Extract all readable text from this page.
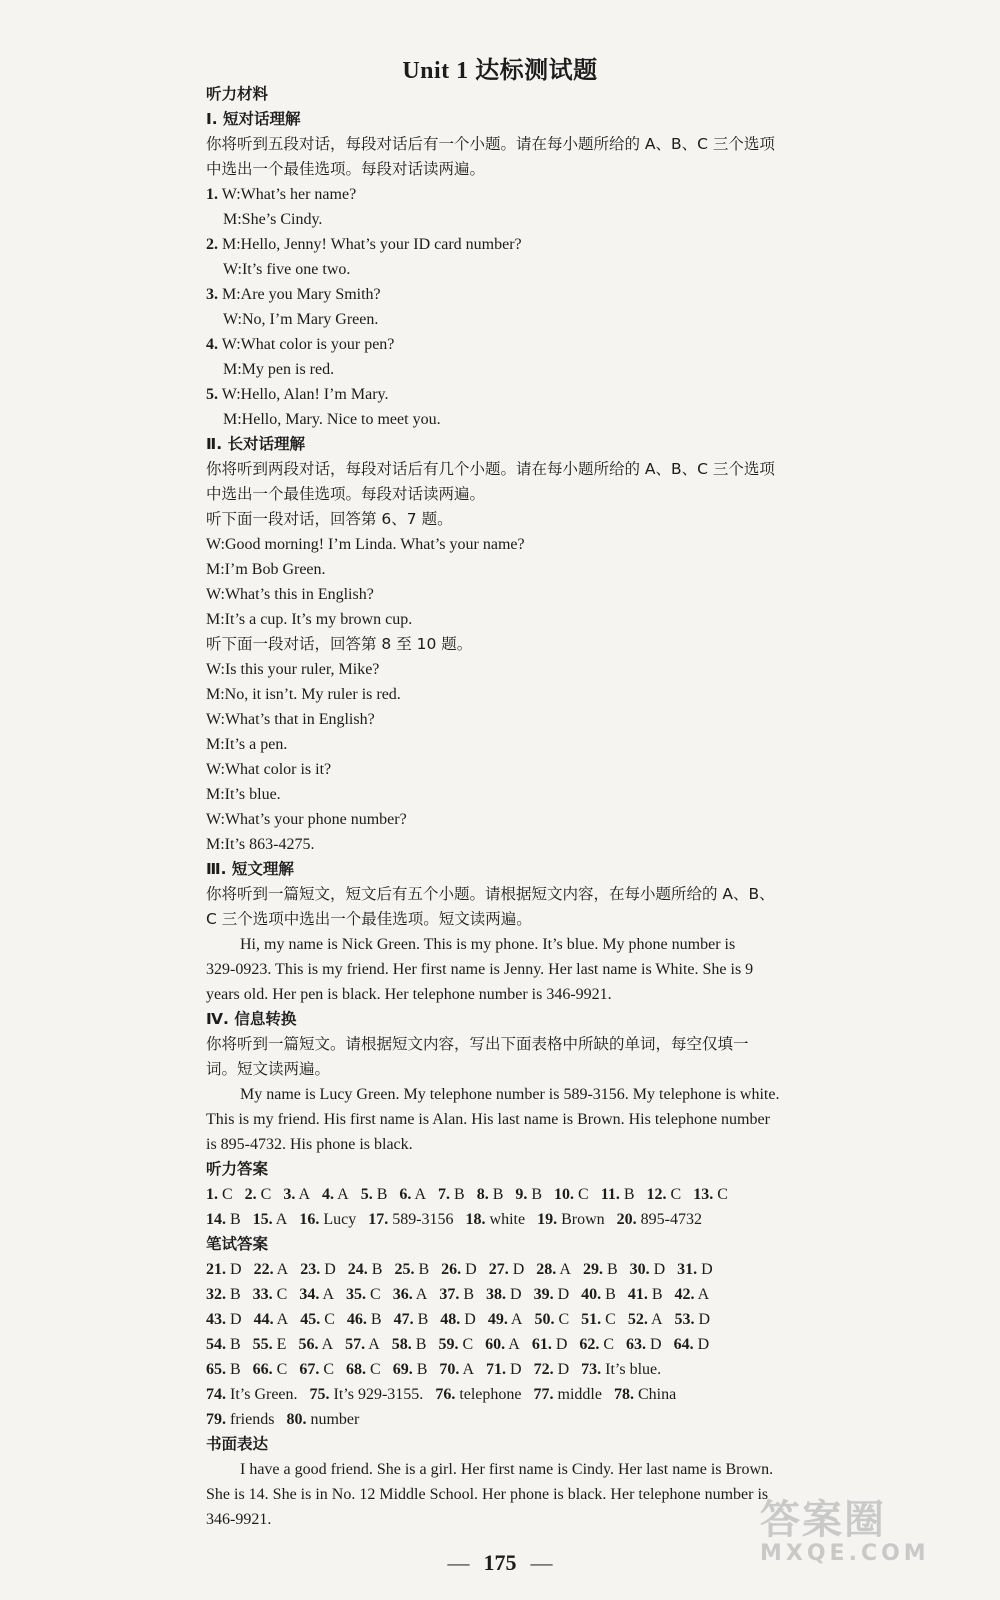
Unit 1 达标测试题
听力材料
Ⅰ. 短对话理解
你将听到五段对话，每段对话后有一个小题。请在每小题所给的 A、B、C 三个选项
中选出一个最佳选项。每段对话读两遍。
1. W:What’s her name?
M:She’s Cindy.
2. M:Hello, Jenny! What’s your ID card number?
W:It’s five one two.
3. M:Are you Mary Smith?
W:No, I’m Mary Green.
4. W:What color is your pen?
M:My pen is red.
5. W:Hello, Alan! I’m Mary.
M:Hello, Mary. Nice to meet you.
Ⅱ. 长对话理解
你将听到两段对话，每段对话后有几个小题。请在每小题所给的 A、B、C 三个选项
中选出一个最佳选项。每段对话读两遍。
听下面一段对话，回答第 6、7 题。
W:Good morning! I’m Linda. What’s your name?
M:I’m Bob Green.
W:What’s this in English?
M:It’s a cup. It’s my brown cup.
听下面一段对话，回答第 8 至 10 题。
W:Is this your ruler, Mike?
M:No, it isn’t. My ruler is red.
W:What’s that in English?
M:It’s a pen.
W:What color is it?
M:It’s blue.
W:What’s your phone number?
M:It’s 863-4275.
Ⅲ. 短文理解
你将听到一篇短文，短文后有五个小题。请根据短文内容，在每小题所给的 A、B、
C 三个选项中选出一个最佳选项。短文读两遍。
Hi, my name is Nick Green. This is my phone. It’s blue. My phone number is
329-0923. This is my friend. Her first name is Jenny. Her last name is White. She is 9
years old. Her pen is black. Her telephone number is 346-9921.
Ⅳ. 信息转换
你将听到一篇短文。请根据短文内容，写出下面表格中所缺的单词，每空仅填一
词。短文读两遍。
My name is Lucy Green. My telephone number is 589-3156. My telephone is white.
This is my friend. His first name is Alan. His last name is Brown. His telephone number
is 895-4732. His phone is black.
听力答案
1. C 2. C 3. A 4. A 5. B 6. A 7. B 8. B 9. B 10. C 11. B 12. C 13. C
14. B 15. A 16. Lucy 17. 589-3156 18. white 19. Brown 20. 895-4732
笔试答案
21. D 22. A 23. D 24. B 25. B 26. D 27. D 28. A 29. B 30. D 31. D
32. B 33. C 34. A 35. C 36. A 37. B 38. D 39. D 40. B 41. B 42. A
43. D 44. A 45. C 46. B 47. B 48. D 49. A 50. C 51. C 52. A 53. D
54. B 55. E 56. A 57. A 58. B 59. C 60. A 61. D 62. C 63. D 64. D
65. B 66. C 67. C 68. C 69. B 70. A 71. D 72. D 73. It’s blue.
74. It’s Green. 75. It’s 929-3155. 76. telephone 77. middle 78. China
79. friends 80. number
书面表达
I have a good friend. She is a girl. Her first name is Cindy. Her last name is Brown.
She is 14. She is in No. 12 Middle School. Her phone is black. Her telephone number is
346-9921.
— 175 —
答案圈
MXQE.COM
